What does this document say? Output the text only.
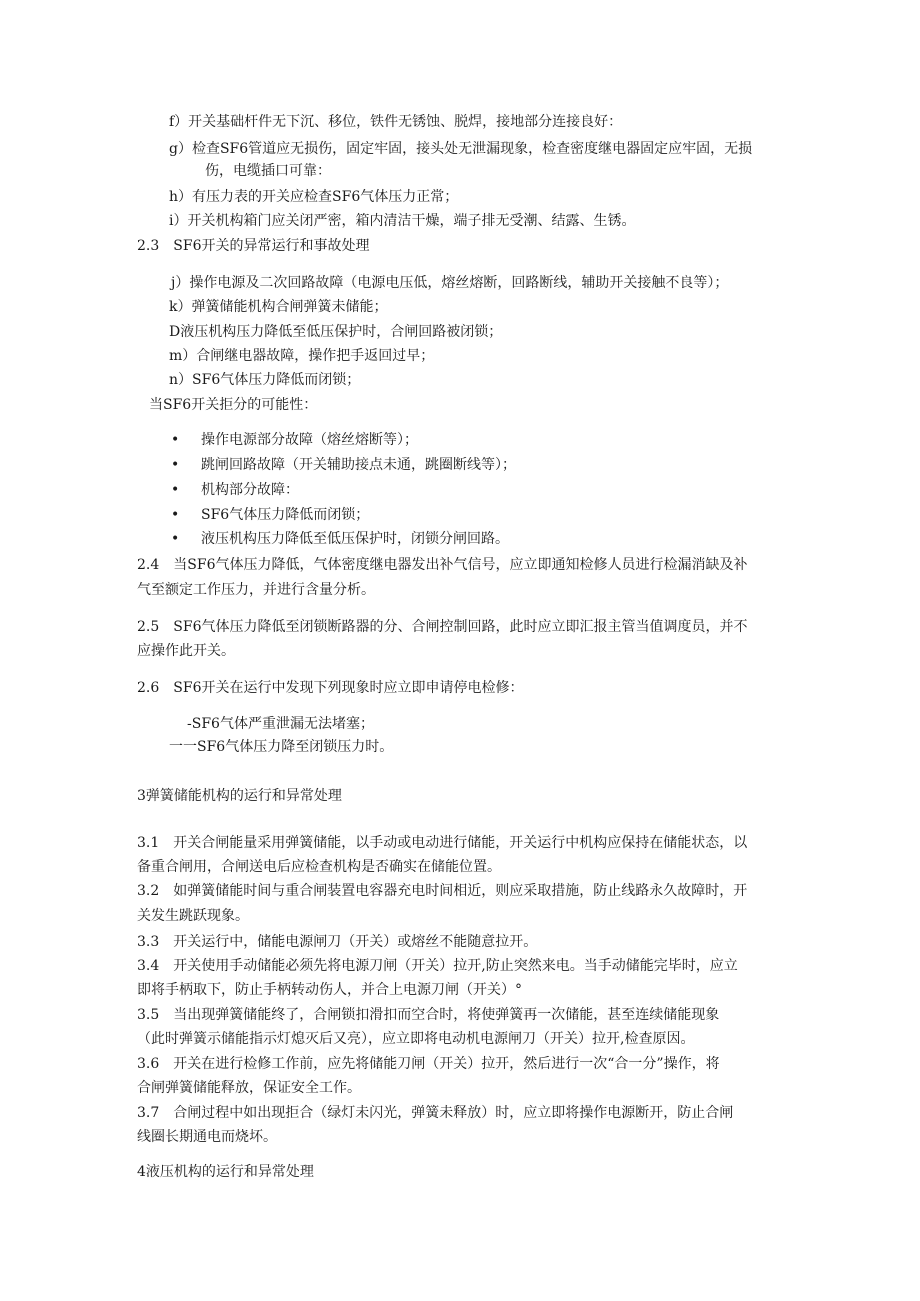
f）开关基础杆件无下沉、移位，铁件无锈蚀、脱焊，接地部分连接良好：
g）检查SF6管道应无损伤，固定牢固，接头处无泄漏现象，检查密度继电器固定应牢固，无损
伤，电缆插口可靠：
h）有压力表的开关应检查SF6气体压力正常；
i）开关机构箱门应关闭严密，箱内清洁干燥，端子排无受潮、结露、生锈。
2.3　SF6开关的异常运行和事故处理
j）操作电源及二次回路故障（电源电压低，熔丝熔断，回路断线，辅助开关接触不良等）；
k）弹簧储能机构合闸弹簧未储能；
D液压机构压力降低至低压保护时，合闸回路被闭锁；
m）合闸继电器故障，操作把手返回过早；
n）SF6气体压力降低而闭锁；
当SF6开关拒分的可能性：
• 操作电源部分故障（熔丝熔断等）；
• 跳闸回路故障（开关辅助接点未通，跳圈断线等）；
• 机构部分故障：
• SF6气体压力降低而闭锁；
• 液压机构压力降低至低压保护时，闭锁分闸回路。
2.4　当SF6气体压力降低，气体密度继电器发出补气信号，应立即通知检修人员进行检漏消缺及补
气至额定工作压力，并进行含量分析。
2.5　SF6气体压力降低至闭锁断路器的分、合闸控制回路，此时应立即汇报主管当值调度员，并不
应操作此开关。
2.6　SF6开关在运行中发现下列现象时应立即申请停电检修：
-SF6气体严重泄漏无法堵塞；
一一SF6气体压力降至闭锁压力时。
3弹簧储能机构的运行和异常处理
3.1　开关合闸能量采用弹簧储能，以手动或电动进行储能，开关运行中机构应保持在储能状态，以
备重合闸用，合闸送电后应检查机构是否确实在储能位置。
3.2　如弹簧储能时间与重合闸装置电容器充电时间相近，则应采取措施，防止线路永久故障时，开
关发生跳跃现象。
3.3　开关运行中，储能电源闸刀（开关）或熔丝不能随意拉开。
3.4　开关使用手动储能必须先将电源刀闸（开关）拉开,防止突然来电。当手动储能完毕时，应立
即将手柄取下，防止手柄转动伤人，并合上电源刀闸（开关）°
3.5　当出现弹簧储能终了，合闸锁扣滑扣而空合时，将使弹簧再一次储能，甚至连续储能现象
（此时弹簧示储能指示灯熄灭后又亮），应立即将电动机电源闸刀（开关）拉开,检查原因。
3.6　开关在进行检修工作前，应先将储能刀闸（开关）拉开，然后进行一次“合一分”操作，将
合闸弹簧储能释放，保证安全工作。
3.7　合闸过程中如出现拒合（绿灯未闪光，弹簧未释放）时，应立即将操作电源断开，防止合闸
线圈长期通电而烧坏。
4液压机构的运行和异常处理
